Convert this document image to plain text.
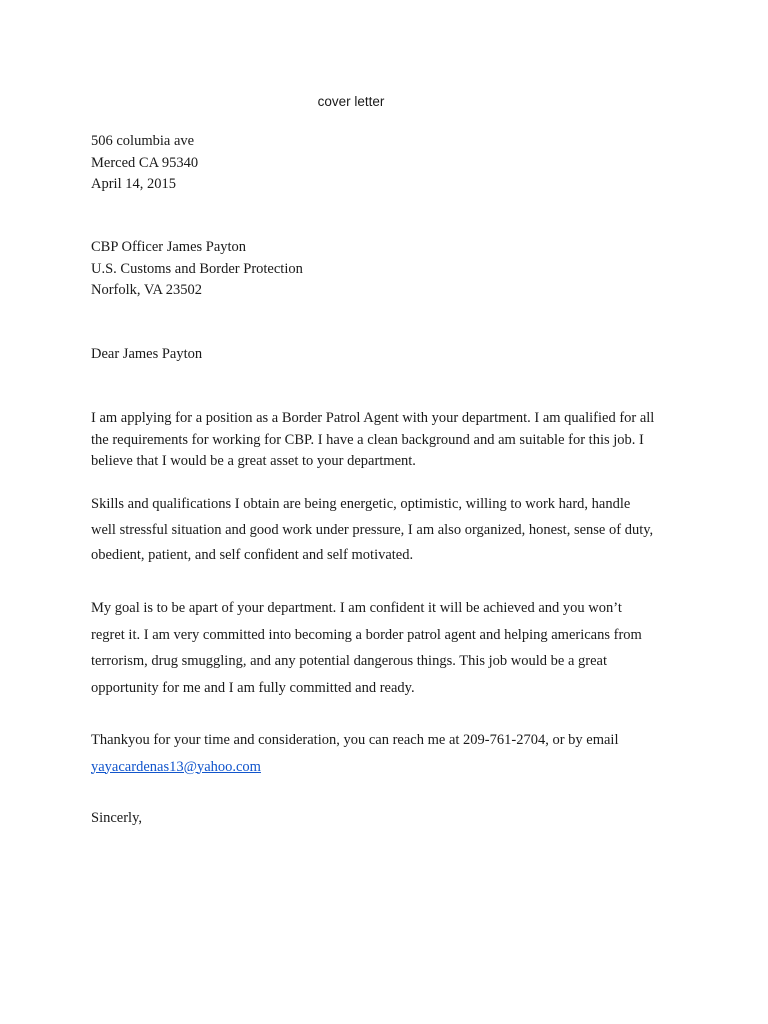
cover letter
506 columbia ave
Merced CA 95340
April 14, 2015
CBP Officer James Payton
U.S. Customs and Border Protection
Norfolk, VA 23502
Dear James Payton
I am applying for a position as a Border Patrol Agent with your department. I am qualified for all
the requirements for working for CBP. I have a clean background and am suitable for this job. I
believe that I would be a great asset to your department.
Skills and qualifications I obtain are being energetic, optimistic, willing to work hard, handle
well stressful situation and good work under pressure, I am also organized, honest, sense of duty,
obedient, patient, and self confident and self motivated.
My goal is to be apart of your department. I am confident it will be achieved and you won’t
regret it. I am very committed into becoming a border patrol agent and helping americans from
terrorism, drug smuggling, and any potential dangerous things. This job would be a great
opportunity for me and I am fully committed and ready.
Thankyou for your time and consideration, you can reach me at 209-761-2704, or by email
yayacardenas13@yahoo.com
Sincerly,
